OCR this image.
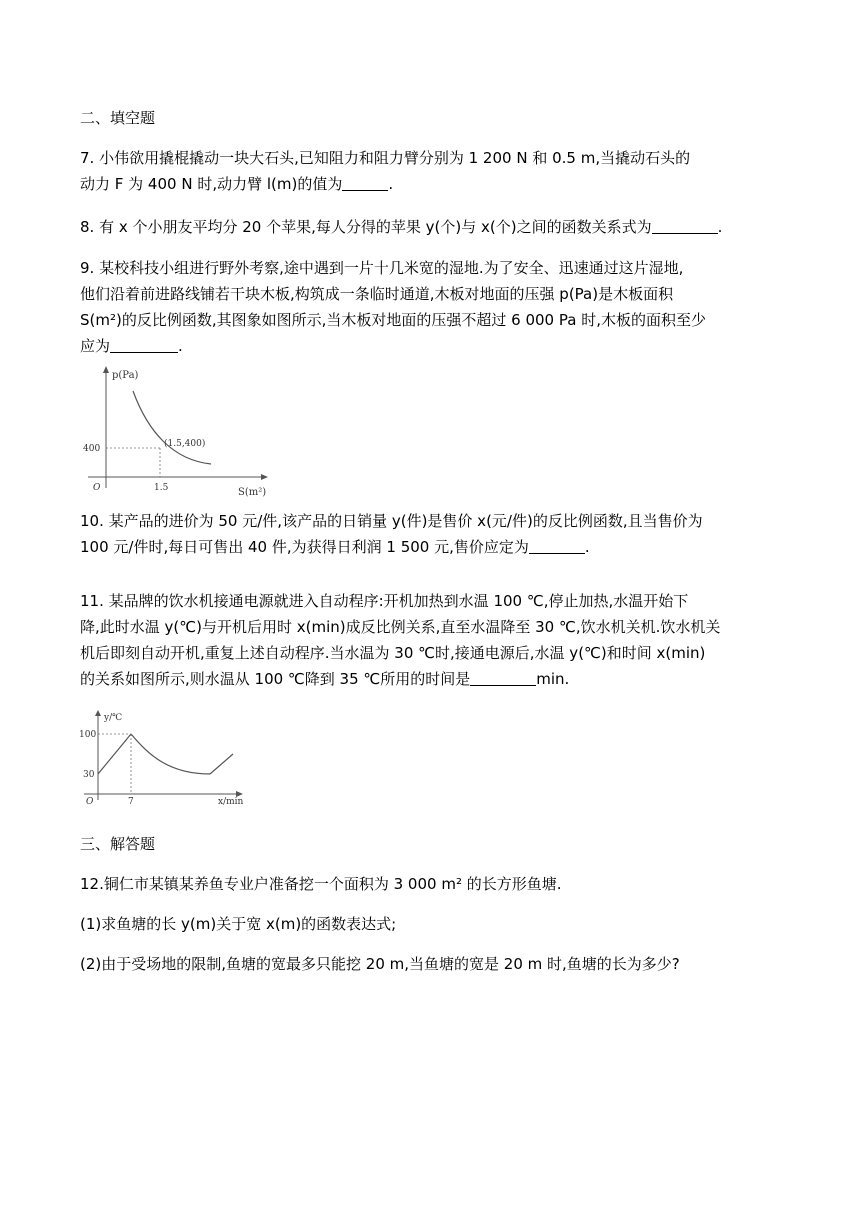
二、填空题
7. 小伟欲用撬棍撬动一块大石头,已知阻力和阻力臂分别为 1 200 N 和 0.5 m,当撬动石头的
动力 F 为 400 N 时,动力臂 l(m)的值为	.
8. 有 x 个小朋友平均分 20 个苹果,每人分得的苹果 y(个)与 x(个)之间的函数关系式为	.
9. 某校科技小组进行野外考察,途中遇到一片十几米宽的湿地.为了安全、迅速通过这片湿地,
他们沿着前进路线铺若干块木板,构筑成一条临时通道,木板对地面的压强 p(Pa)是木板面积
S(m²)的反比例函数,其图象如图所示,当木板对地面的压强不超过 6 000 Pa 时,木板的面积至少
应为	.
p(Pa)
400	(1.5,400)
O	1.5	S(m²)
10. 某产品的进价为 50 元/件,该产品的日销量 y(件)是售价 x(元/件)的反比例函数,且当售价为
100 元/件时,每日可售出 40 件,为获得日利润 1 500 元,售价应定为	.
11. 某品牌的饮水机接通电源就进入自动程序:开机加热到水温 100 ℃,停止加热,水温开始下
降,此时水温 y(℃)与开机后用时 x(min)成反比例关系,直至水温降至 30 ℃,饮水机关机.饮水机关
机后即刻自动开机,重复上述自动程序.当水温为 30 ℃时,接通电源后,水温 y(℃)和时间 x(min)
的关系如图所示,则水温从 100 ℃降到 35 ℃所用的时间是	min.
y/℃
100
30
O	7	x/min
三、解答题
12.铜仁市某镇某养鱼专业户准备挖一个面积为 3 000 m² 的长方形鱼塘.
(1)求鱼塘的长 y(m)关于宽 x(m)的函数表达式;
(2)由于受场地的限制,鱼塘的宽最多只能挖 20 m,当鱼塘的宽是 20 m 时,鱼塘的长为多少?
